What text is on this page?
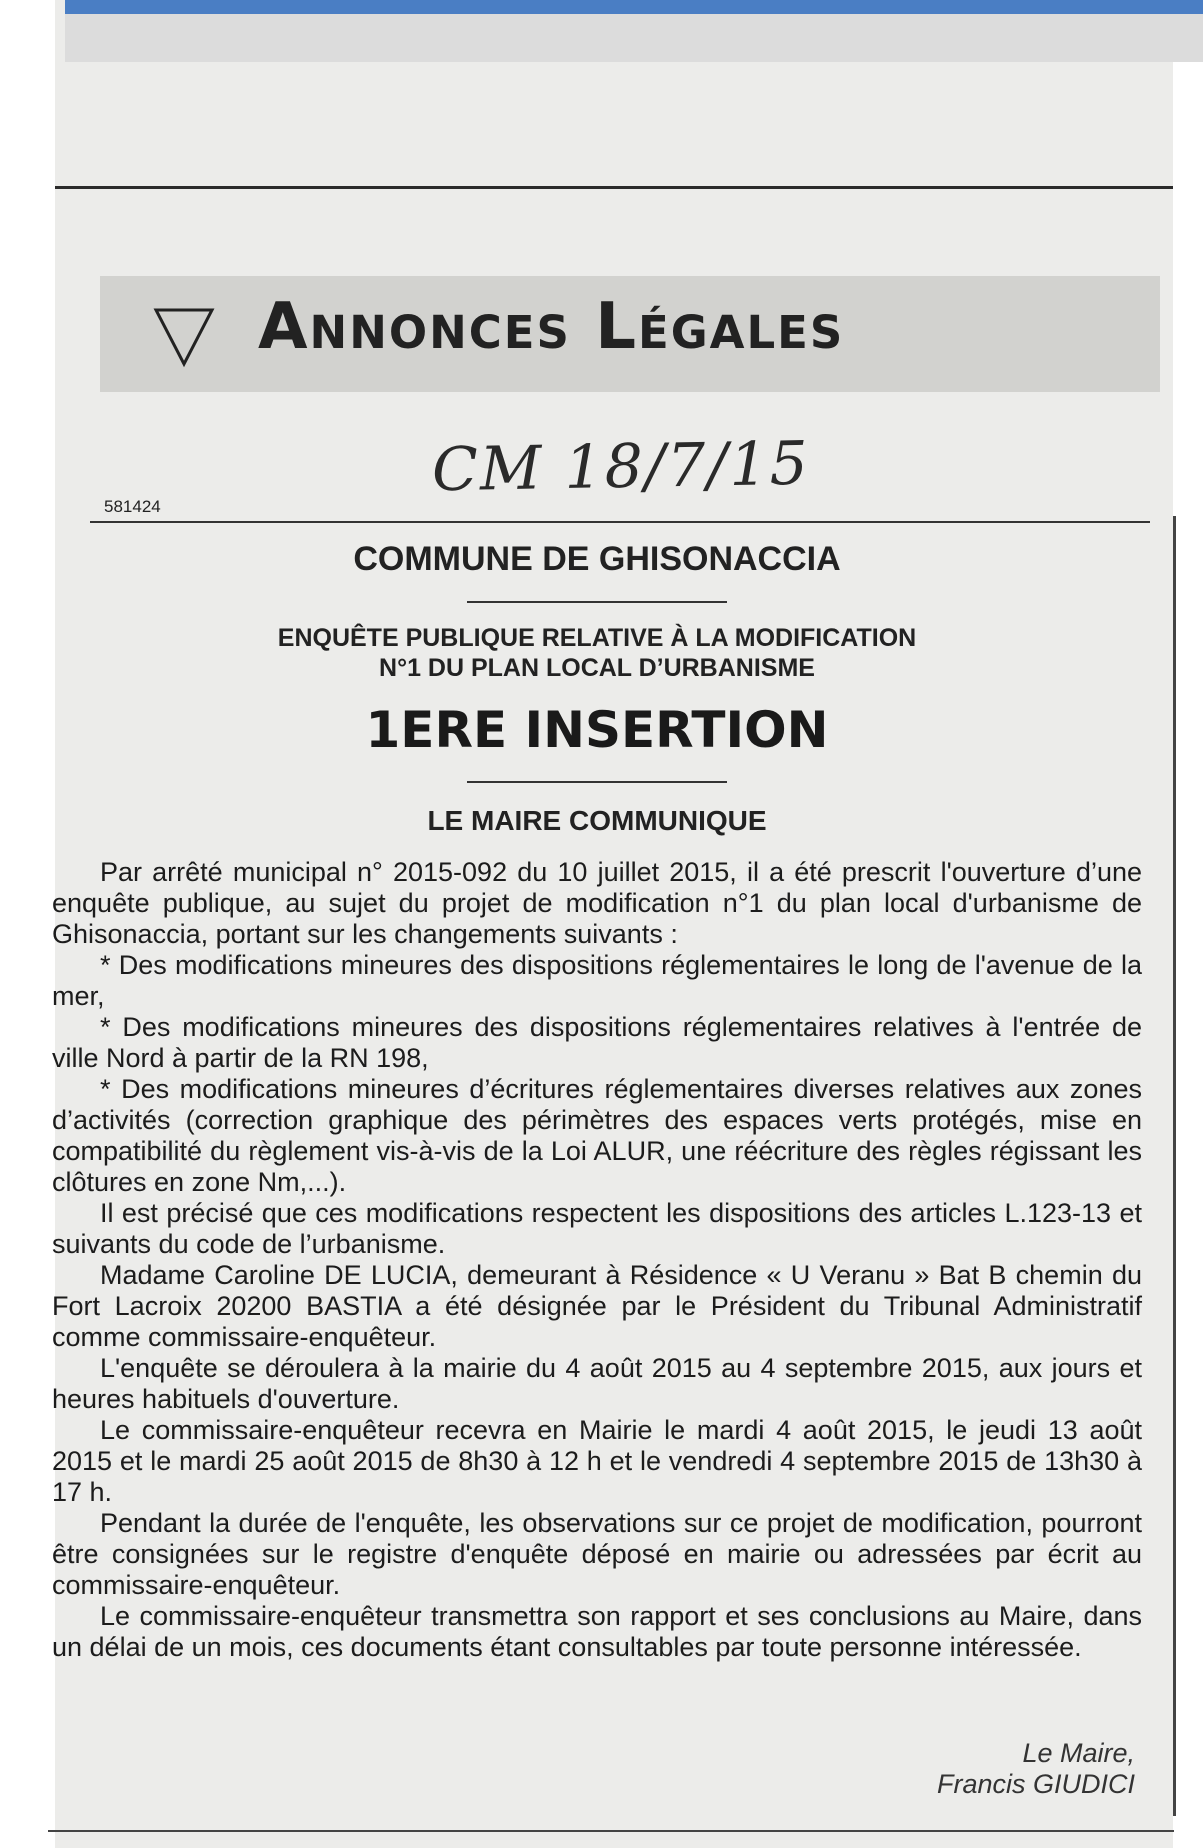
Annonces Légales
CM 18/7/15
581424
COMMUNE DE GHISONACCIA
ENQUÊTE PUBLIQUE RELATIVE À LA MODIFICATION
N°1 DU PLAN LOCAL D’URBANISME
1ERE INSERTION
LE MAIRE COMMUNIQUE

Par arrêté municipal n° 2015-092 du 10 juillet 2015, il a été prescrit l'ouverture d’une enquête publique, au sujet du projet de modification n°1 du plan local d'urbanisme de Ghisonaccia, portant sur les changements suivants :

* Des modifications mineures des dispositions réglementaires le long de l'avenue de la mer,

* Des modifications mineures des dispositions réglementaires relatives à l'entrée de ville Nord à partir de la RN 198,

* Des modifications mineures d’écritures réglementaires diverses relatives aux zones d’activités (correction graphique des périmètres des espaces verts protégés, mise en compatibilité du règlement vis-à-vis de la Loi ALUR, une réécriture des règles régissant les clôtures en zone Nm,...).

Il est précisé que ces modifications respectent les dispositions des articles L.123-13 et suivants du code de l’urbanisme.

Madame Caroline DE LUCIA, demeurant à Résidence « U Veranu » Bat B chemin du Fort Lacroix 20200 BASTIA a été désignée par le Président du Tribunal Administratif comme commissaire-enquêteur.

L'enquête se déroulera à la mairie du 4 août 2015 au 4 septembre 2015, aux jours et heures habituels d'ouverture.

Le commissaire-enquêteur recevra en Mairie le mardi 4 août 2015, le jeudi 13 août 2015 et le mardi 25 août 2015 de 8h30 à 12 h et le vendredi 4 septembre 2015 de 13h30 à 17 h.

Pendant la durée de l'enquête, les observations sur ce projet de modification, pourront être consignées sur le registre d'enquête déposé en mairie ou adressées par écrit au commissaire-enquêteur.

Le commissaire-enquêteur transmettra son rapport et ses conclusions au Maire, dans un délai de un mois, ces documents étant consultables par toute personne intéressée.

Le Maire,
Francis GIUDICI
